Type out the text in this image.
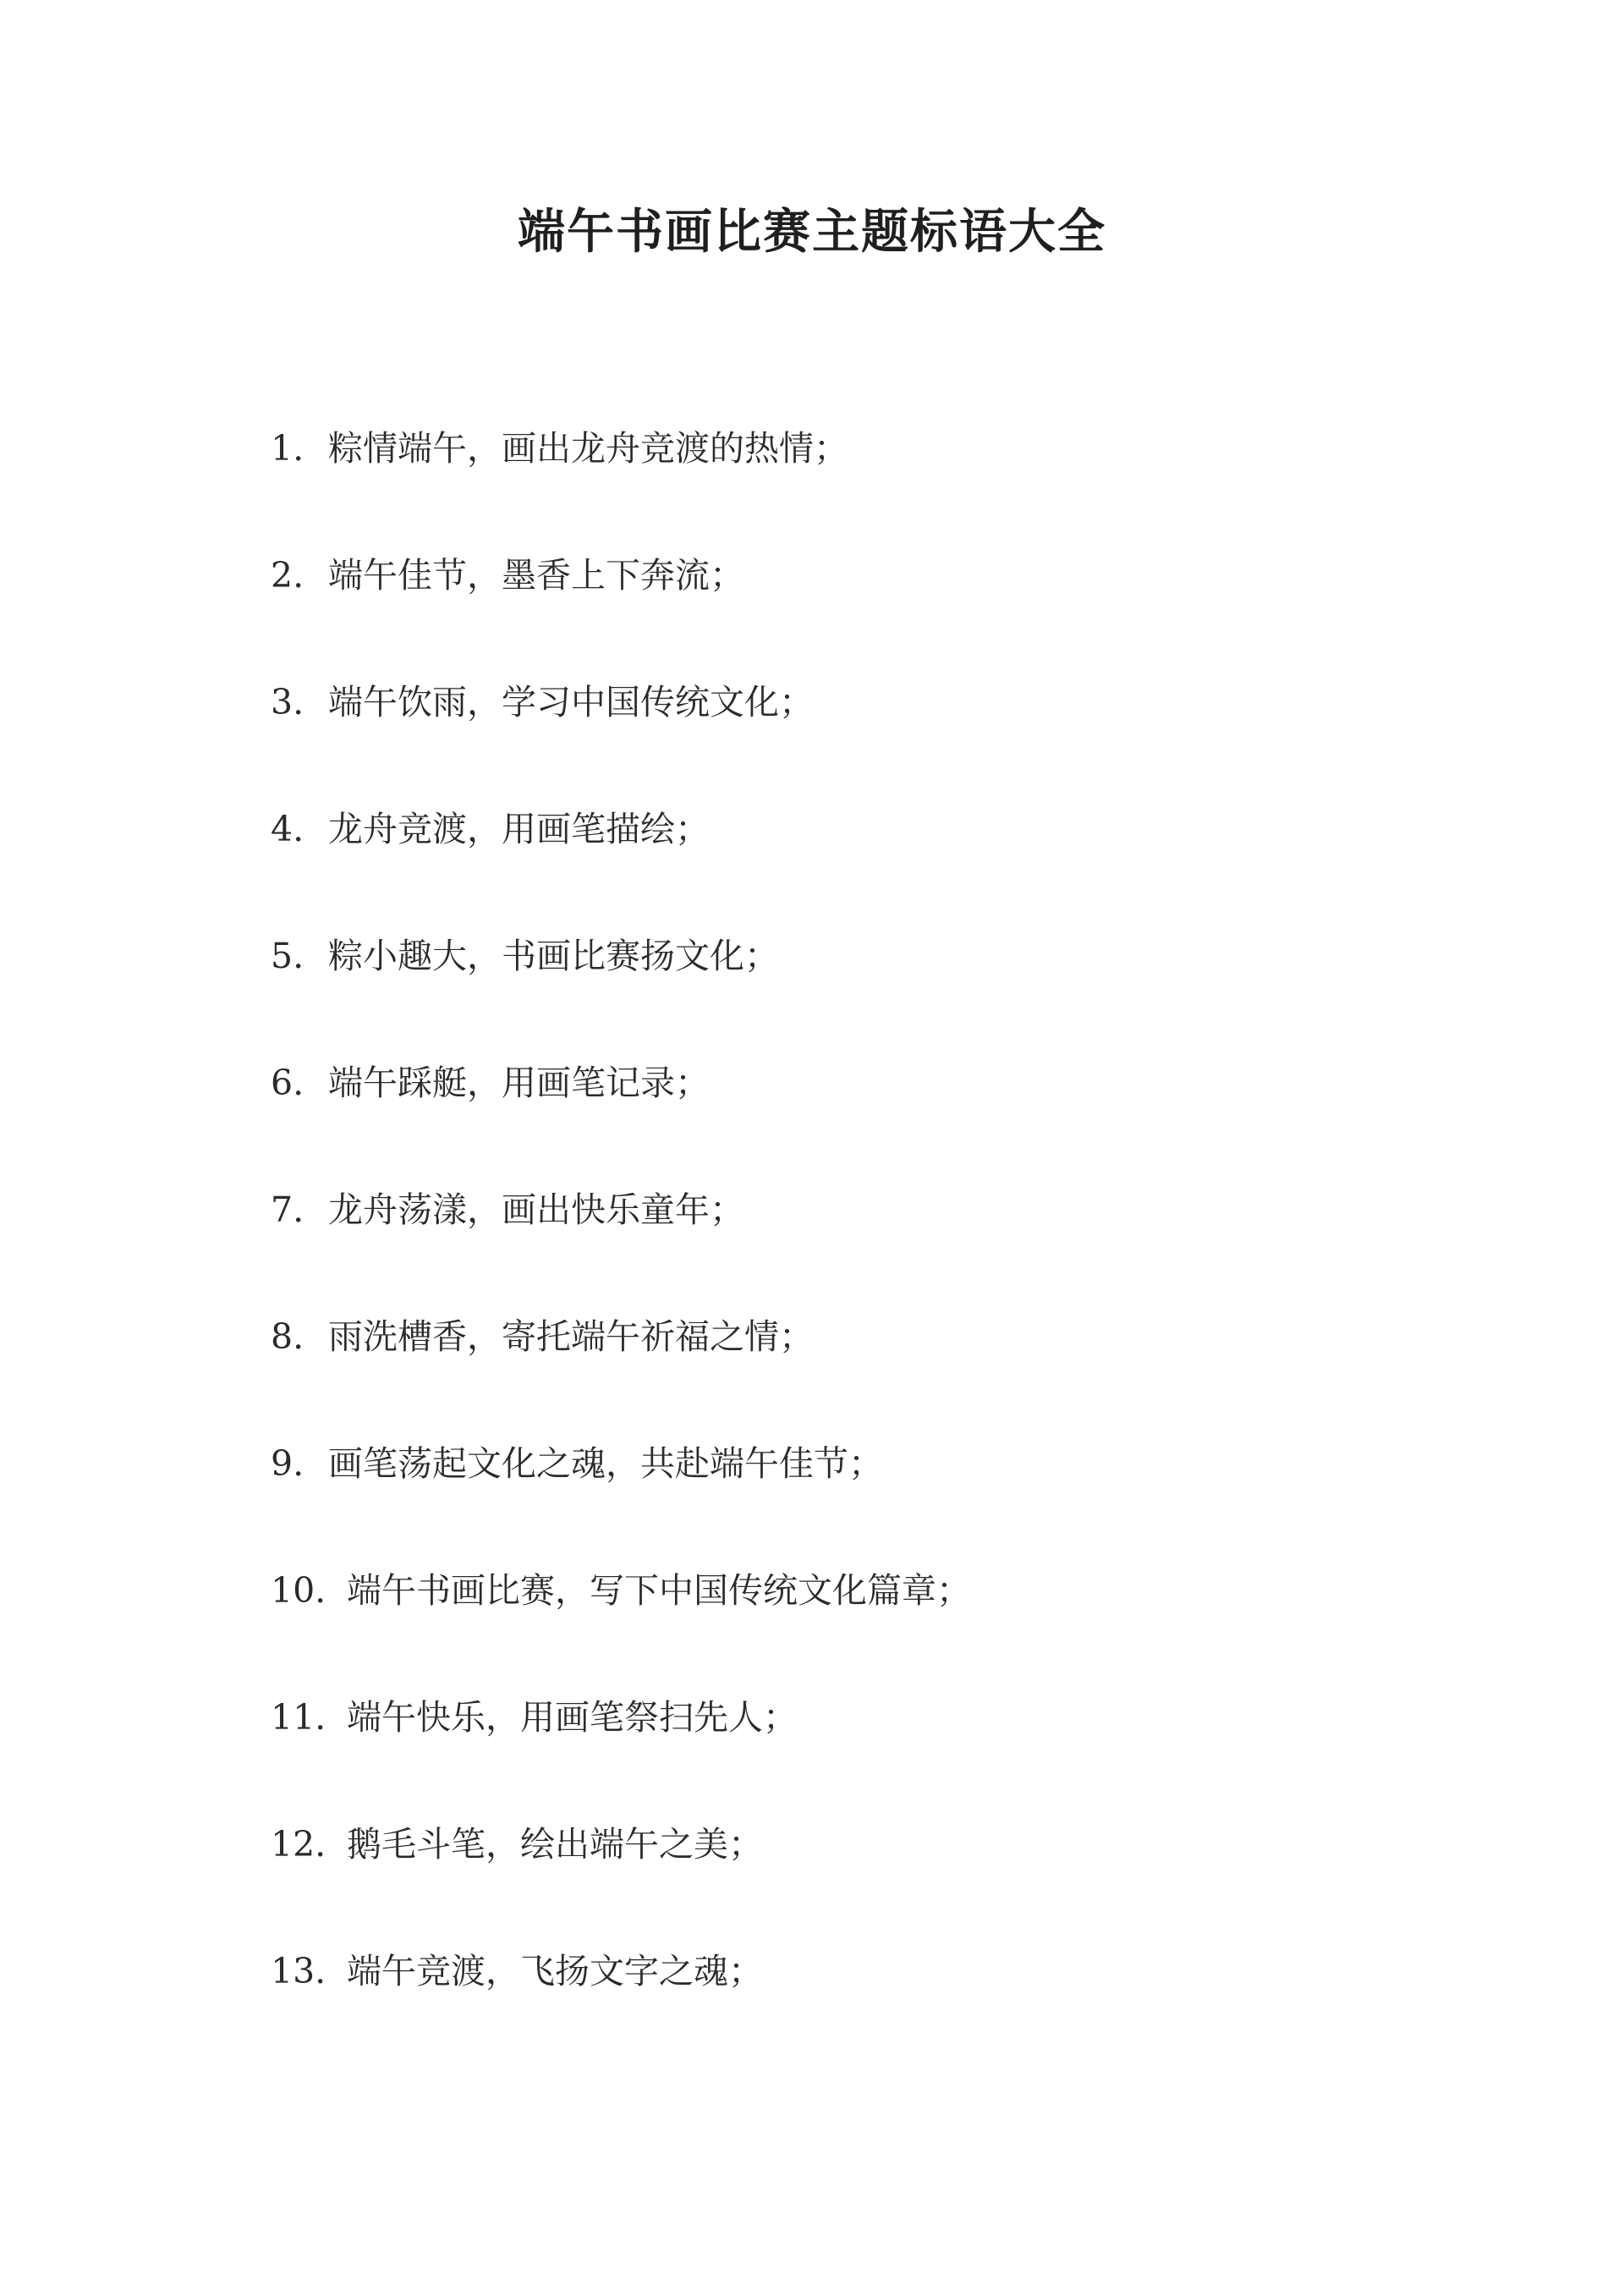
端午书画比赛主题标语大全
1. 粽情端午，画出龙舟竞渡的热情；
2. 端午佳节，墨香上下奔流；
3. 端午饮雨，学习中国传统文化；
4. 龙舟竞渡，用画笔描绘；
5. 粽小趣大，书画比赛扬文化；
6. 端午踩艇，用画笔记录；
7. 龙舟荡漾，画出快乐童年；
8. 雨洗槽香，寄托端午祈福之情；
9. 画笔荡起文化之魂，共赴端午佳节；
10. 端午书画比赛，写下中国传统文化篇章；
11. 端午快乐，用画笔祭扫先人；
12. 鹅毛斗笔，绘出端午之美；
13. 端午竞渡，飞扬文字之魂；
